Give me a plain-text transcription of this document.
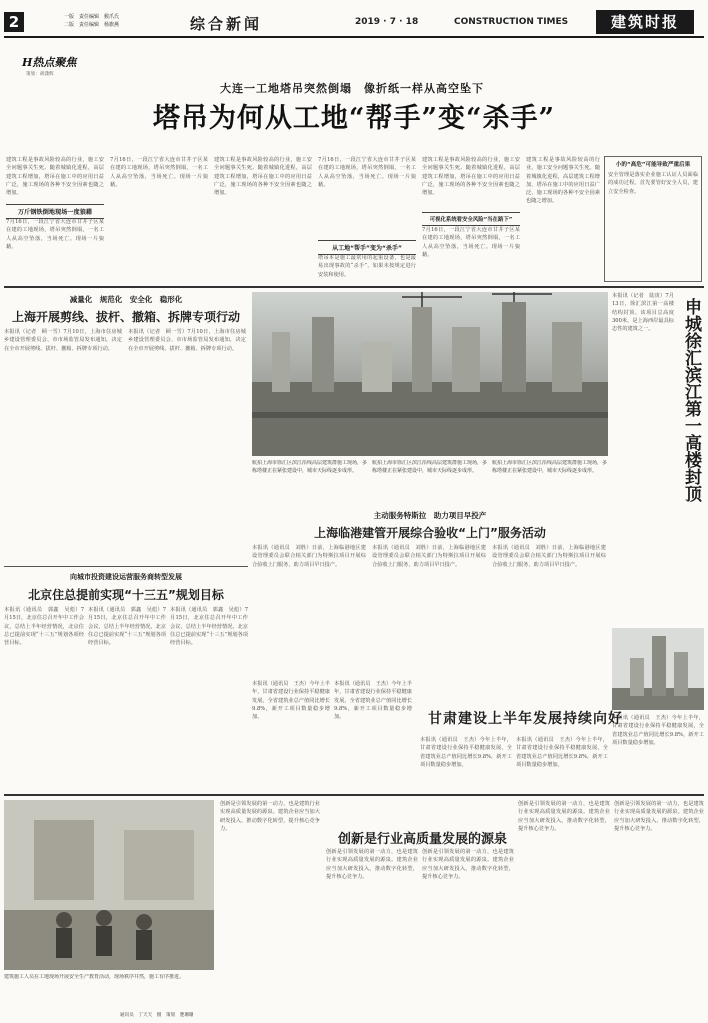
2	一版　责任编辑　猴爪氏
二版　责任编辑　杨旗燕	综合新闻	2019 · 7 · 18	CONSTRUCTION TIMES	建筑时报
H热点聚焦
策划：胡潇辉
大连一工地塔吊突然倒塌　像折纸一样从高空坠下
塔吊为何从工地“帮手”变“杀手”
建筑工程是事故风险较高的行业，施工安全问题事关生死。随着城镇化进程，高层建筑工程增加，塔吊在施工中的应用日益广泛，施工现场的各种不安全因素也随之增加。
万斤钢铁倒地现场一度狼藉
7月16日，一段江宁省大连市甘井子区某在建的工地现场，塔吊突然倒塌，一名工人从高空坠落，当场死亡。现场一片狼藉。
7月16日，一段江宁省大连市甘井子区某在建的工地现场，塔吊突然倒塌，一名工人从高空坠落，当场死亡。现场一片狼藉。
建筑工程是事故风险较高的行业，施工安全问题事关生死。随着城镇化进程，高层建筑工程增加，塔吊在施工中的应用日益广泛，施工现场的各种不安全因素也随之增加。
7月16日，一段江宁省大连市甘井子区某在建的工地现场，塔吊突然倒塌，一名工人从高空坠落，当场死亡。现场一片狼藉。
从工地“帮手”变为“杀手”
塔吊本是施工最常用的起重设备，也是最易出现事故的“杀手”，如果未按规定进行安装和使用。
建筑工程是事故风险较高的行业，施工安全问题事关生死。随着城镇化进程，高层建筑工程增加，塔吊在施工中的应用日益广泛，施工现场的各种不安全因素也随之增加。
可视化系统看安全风险“当在路下”
7月16日，一段江宁省大连市甘井子区某在建的工地现场，塔吊突然倒塌，一名工人从高空坠落，当场死亡。现场一片狼藉。
建筑工程是事故风险较高的行业，施工安全问题事关生死。随着城镇化进程，高层建筑工程增加，塔吊在施工中的应用日益广泛，施工现场的各种不安全因素也随之增加。
小的“高危”可能导致严重后果
安全管理是落实企业施工认证人员面临的成功过程。首先要管好安全人员，建立安全检查。
减量化　规范化　安全化　稳形化
上海开展剪线、拔杆、撤箱、拆牌专项行动
本报讯（记者　顾一雪）7月10日，上海市住房城乡建设管理委员会、市市场监管局发布通知，决定在全市开展剪线、拔杆、撤箱、拆牌专项行动。
本报讯（记者　顾一雪）7月10日，上海市住房城乡建设管理委员会、市市场监管局发布通知，决定在全市开展剪线、拔杆、撤箱、拆牌专项行动。
航拍上海市徐汇区滨江沿线高层建筑群施工现场，多栋塔楼正在紧张建设中，城市天际线逐步成形。
航拍上海市徐汇区滨江沿线高层建筑群施工现场，多栋塔楼正在紧张建设中，城市天际线逐步成形。
航拍上海市徐汇区滨江沿线高层建筑群施工现场，多栋塔楼正在紧张建设中，城市天际线逐步成形。
本报讯（记者　陆寅）7月13日，徐汇滨江第一高楼结构封顶。该项目总高度300米，是上海西岸最具标志性的建筑之一。	申城徐汇滨江第一高楼封顶
主动服务特斯拉　助力项目早投产
上海临港建管开展综合验收“上门”服务活动
本报讯（通讯员　刘胜）日前，上海临港地区建设管理委员会联合相关部门为特斯拉项目开展综合验收上门服务，助力项目早日投产。
本报讯（通讯员　刘胜）日前，上海临港地区建设管理委员会联合相关部门为特斯拉项目开展综合验收上门服务，助力项目早日投产。
本报讯（通讯员　刘胜）日前，上海临港地区建设管理委员会联合相关部门为特斯拉项目开展综合验收上门服务，助力项目早日投产。
向城市投资建设运营服务商转型发展
北京住总提前实现“十三五”规划目标
本报讯（通讯员　郭鑫　吴彪）7月15日，北京住总召开年中工作会议，总结上半年经营情况，北京住总已提前实现“十三五”规划各项经营目标。
本报讯（通讯员　郭鑫　吴彪）7月15日，北京住总召开年中工作会议，总结上半年经营情况，北京住总已提前实现“十三五”规划各项经营目标。
本报讯（通讯员　郭鑫　吴彪）7月15日，北京住总召开年中工作会议，总结上半年经营情况，北京住总已提前实现“十三五”规划各项经营目标。
本报讯（通讯员　王杰）今年上半年，甘肃省建设行业保持平稳健康发展，全省建筑业总产值同比增长9.8%，新开工项目数量稳步增加。
本报讯（通讯员　王杰）今年上半年，甘肃省建设行业保持平稳健康发展，全省建筑业总产值同比增长9.8%，新开工项目数量稳步增加。	甘肃建设上半年发展持续向好
本报讯（通讯员　王杰）今年上半年，甘肃省建设行业保持平稳健康发展，全省建筑业总产值同比增长9.8%，新开工项目数量稳步增加。
本报讯（通讯员　王杰）今年上半年，甘肃省建设行业保持平稳健康发展，全省建筑业总产值同比增长9.8%，新开工项目数量稳步增加。
本报讯（通讯员　王杰）今年上半年，甘肃省建设行业保持平稳健康发展，全省建筑业总产值同比增长9.8%，新开工项目数量稳步增加。
建筑施工人员在工地现场开展安全生产教育活动，现场秩序井然，施工有序推进。
通讯员　丁天天　摄　策划　楚珊珊
创新是引领发展的第一动力，也是建筑行业实现高质量发展的源泉。建筑企业应当加大研发投入，推动数字化转型，提升核心竞争力。
创新是行业高质量发展的源泉
创新是引领发展的第一动力，也是建筑行业实现高质量发展的源泉。建筑企业应当加大研发投入，推动数字化转型，提升核心竞争力。
创新是引领发展的第一动力，也是建筑行业实现高质量发展的源泉。建筑企业应当加大研发投入，推动数字化转型，提升核心竞争力。
创新是引领发展的第一动力，也是建筑行业实现高质量发展的源泉。建筑企业应当加大研发投入，推动数字化转型，提升核心竞争力。
创新是引领发展的第一动力，也是建筑行业实现高质量发展的源泉。建筑企业应当加大研发投入，推动数字化转型，提升核心竞争力。
